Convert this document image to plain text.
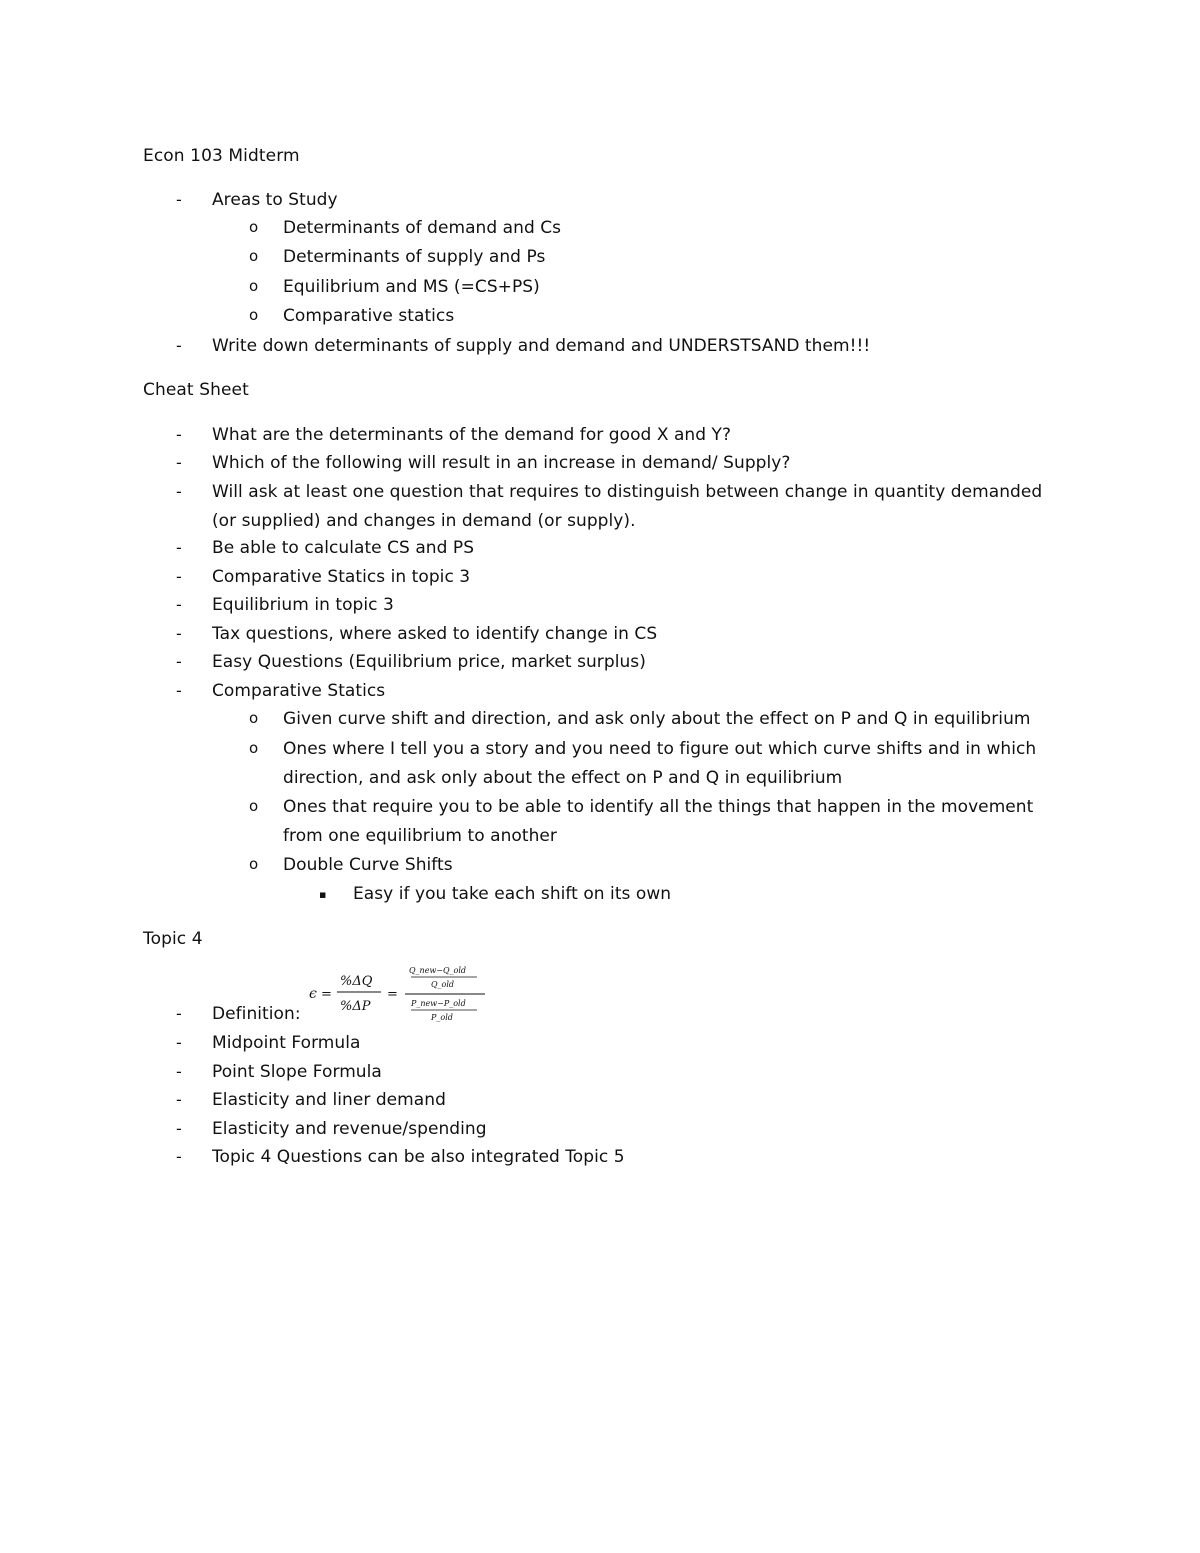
Econ 103 Midterm
- Areas to Study
o Determinants of demand and Cs
o Determinants of supply and Ps
o Equilibrium and MS (=CS+PS)
o Comparative statics
- Write down determinants of supply and demand and UNDERSTSAND them!!!
Cheat Sheet
- What are the determinants of the demand for good X and Y?
- Which of the following will result in an increase in demand/ Supply?
- Will ask at least one question that requires to distinguish between change in quantity demanded (or supplied) and changes in demand (or supply).
- Be able to calculate CS and PS
- Comparative Statics in topic 3
- Equilibrium in topic 3
- Tax questions, where asked to identify change in CS
- Easy Questions (Equilibrium price, market surplus)
- Comparative Statics
o Given curve shift and direction, and ask only about the effect on P and Q in equilibrium
o Ones where I tell you a story and you need to figure out which curve shifts and in which direction, and ask only about the effect on P and Q in equilibrium
o Ones that require you to be able to identify all the things that happen in the movement from one equilibrium to another
o Double Curve Shifts
▪ Easy if you take each shift on its own
Topic 4
ϵ =
%ΔQ
%ΔP
=
Q_new−Q_old
Q_old
P_new−P_old
P_old
- Definition:
- Midpoint Formula
- Point Slope Formula
- Elasticity and liner demand
- Elasticity and revenue/spending
- Topic 4 Questions can be also integrated Topic 5
